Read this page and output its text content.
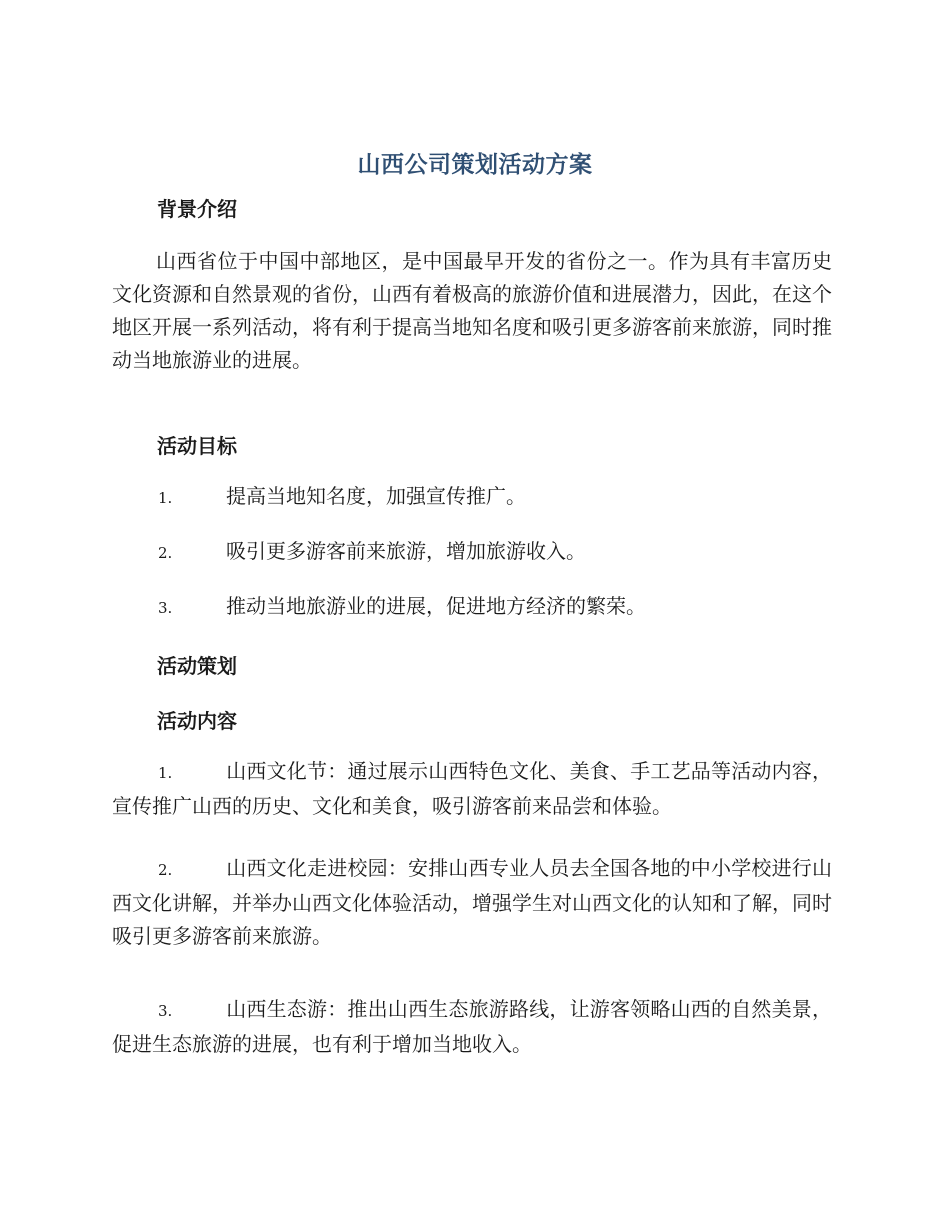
山西公司策划活动方案
背景介绍
山西省位于中国中部地区，是中国最早开发的省份之一。作为具有丰富历史文化资源和自然景观的省份，山西有着极高的旅游价值和进展潜力，因此，在这个地区开展一系列活动，将有利于提高当地知名度和吸引更多游客前来旅游，同时推动当地旅游业的进展。
活动目标
1.	提高当地知名度，加强宣传推广。
2.	吸引更多游客前来旅游，增加旅游收入。
3.	推动当地旅游业的进展，促进地方经济的繁荣。
活动策划
活动内容
1.	山西文化节：通过展示山西特色文化、美食、手工艺品等活动内容，宣传推广山西的历史、文化和美食，吸引游客前来品尝和体验。
2.	山西文化走进校园：安排山西专业人员去全国各地的中小学校进行山西文化讲解，并举办山西文化体验活动，增强学生对山西文化的认知和了解，同时吸引更多游客前来旅游。
3.	山西生态游：推出山西生态旅游路线，让游客领略山西的自然美景，促进生态旅游的进展，也有利于增加当地收入。
